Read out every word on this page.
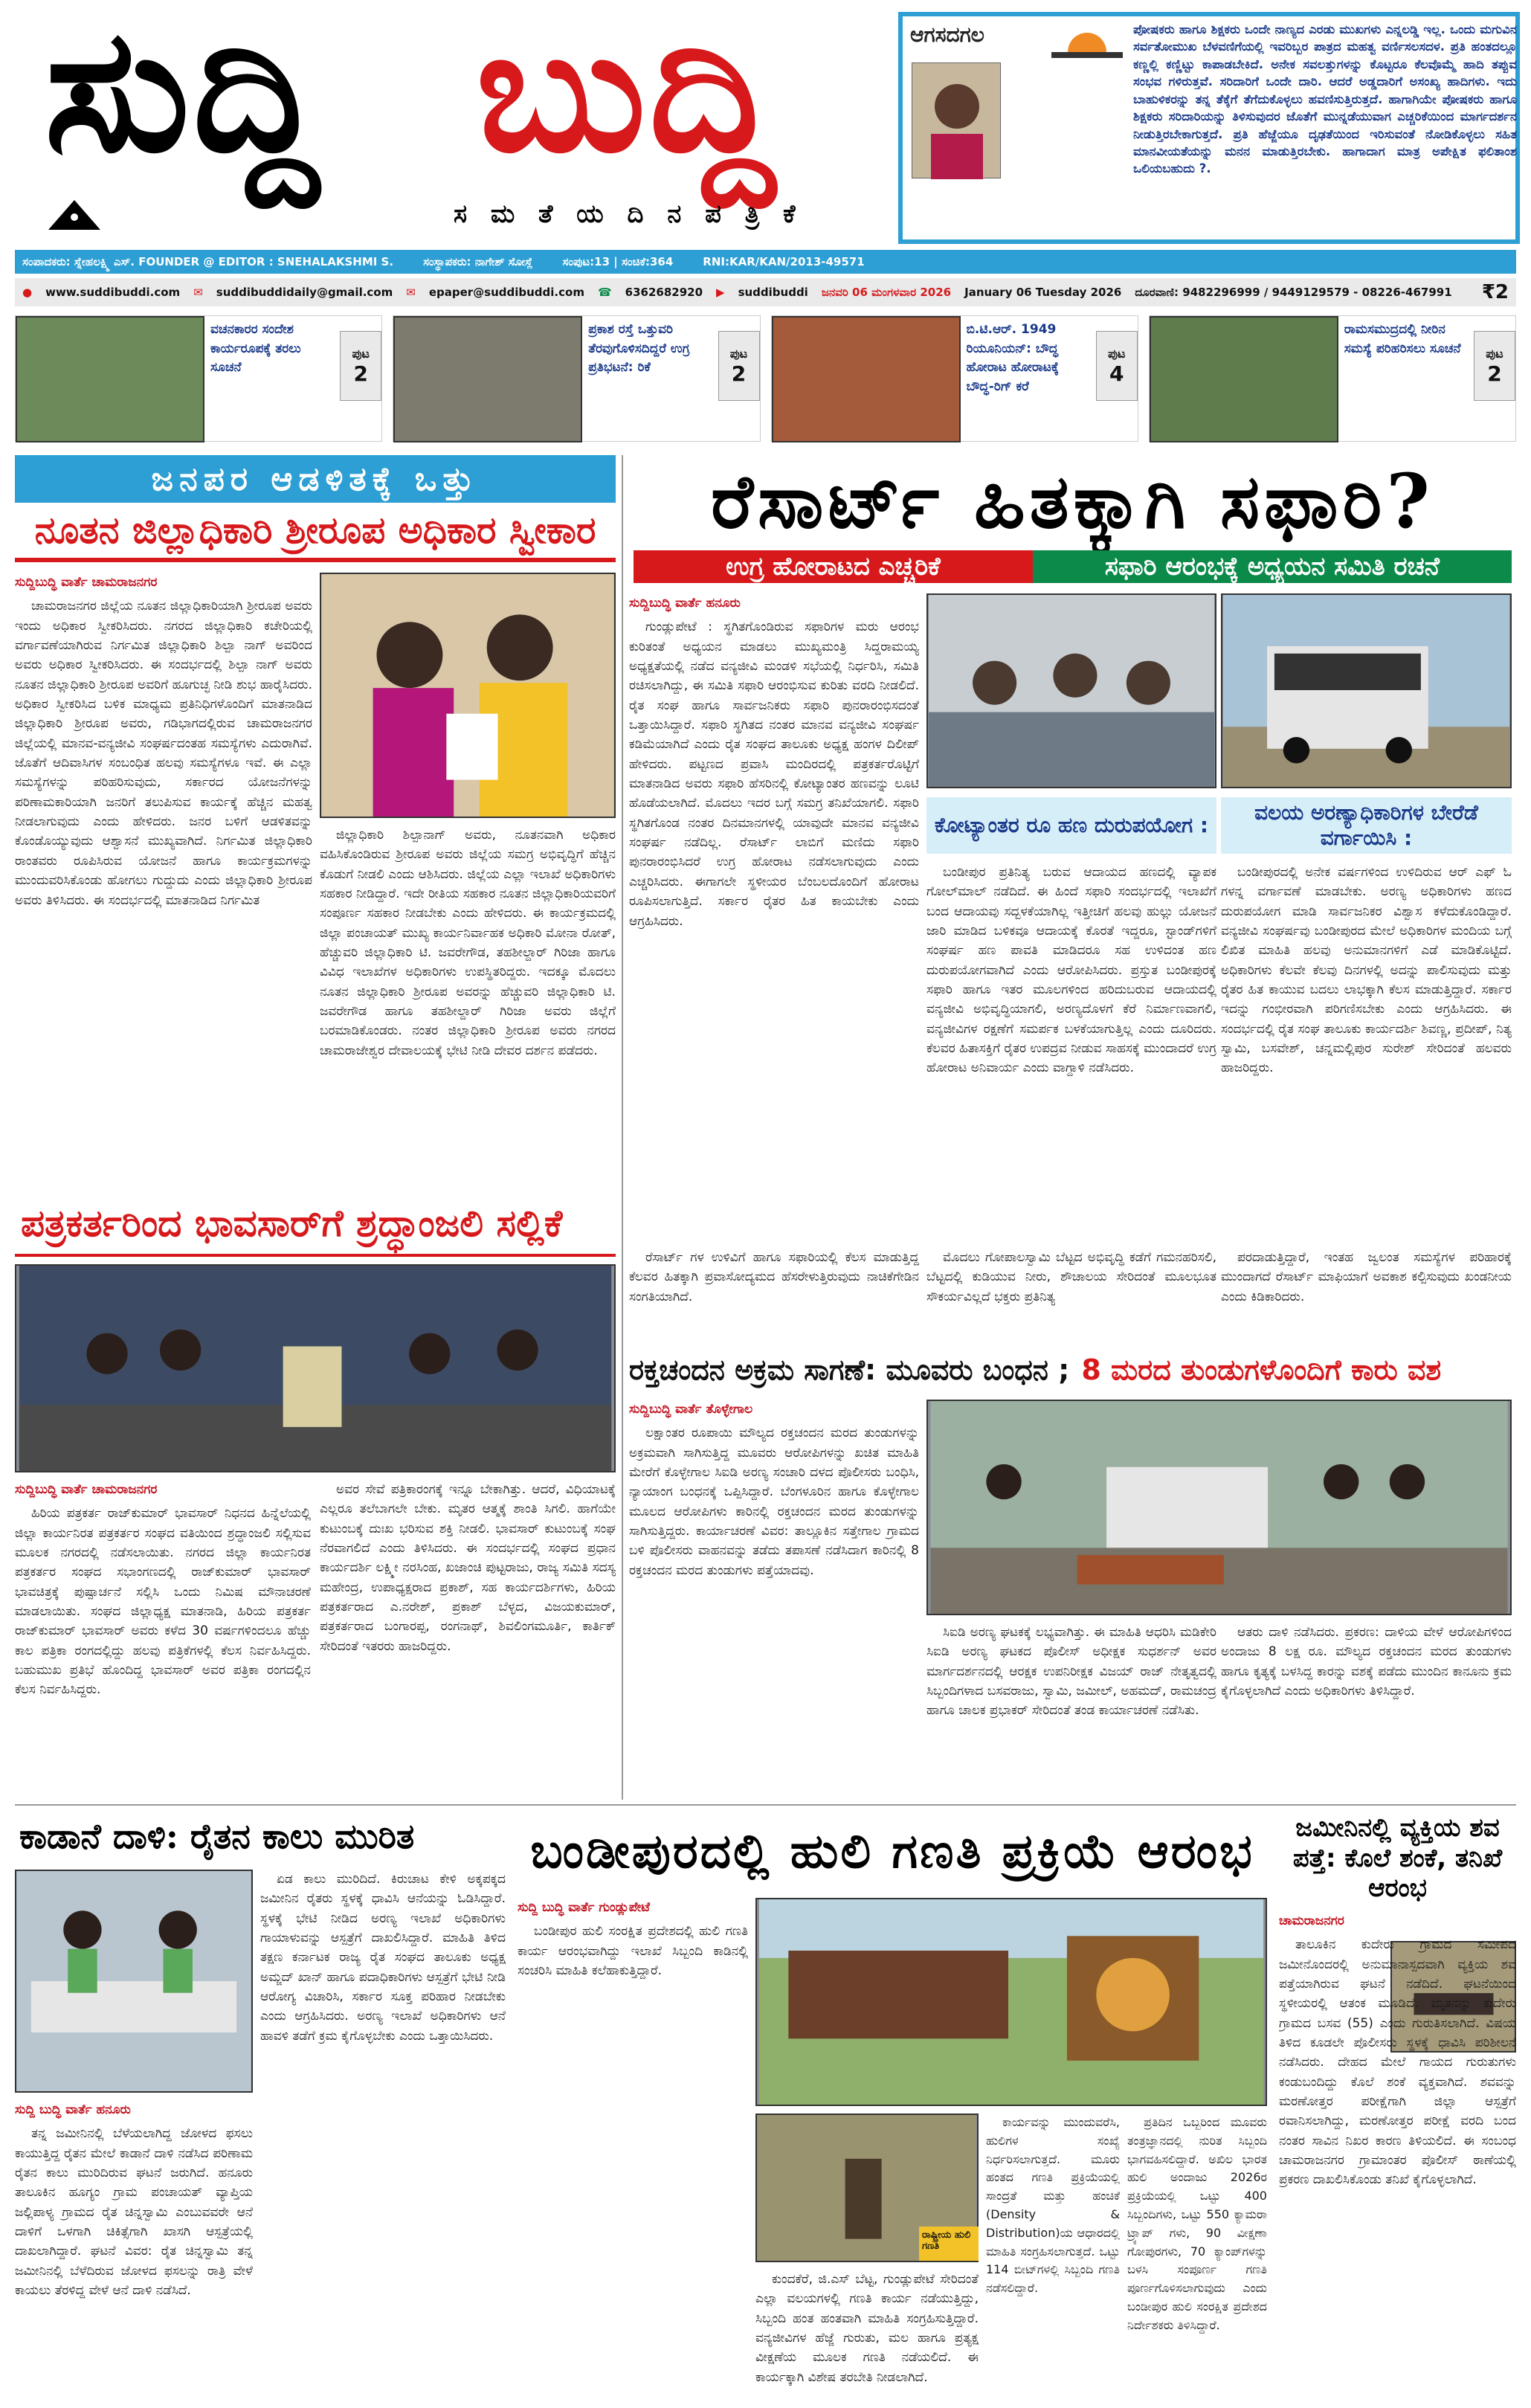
ಸುದ್ದಿ ಬುದ್ದಿ
ಸ ಮ ತೆ ಯ ದಿ ನ ಪ ತ್ರಿ ಕೆ
ಆಗಸದಗಲ	ಪೋಷಕರು ಹಾಗೂ ಶಿಕ್ಷಕರು ಒಂದೇ ನಾಣ್ಯದ ಎರಡು ಮುಖಗಳು ಎನ್ನಲಡ್ಡಿ ಇಲ್ಲ. ಒಂದು ಮಗುವಿನ ಸರ್ವತೋಮುಖ ಬೆಳವಣಿಗೆಯಲ್ಲಿ ಇವರಿಬ್ಬರ ಪಾತ್ರದ ಮಹತ್ವ ವರ್ಣಿಸಲಸದಳ. ಪ್ರತಿ ಹಂತದಲ್ಲೂ ಕಣ್ಣಲ್ಲಿ ಕಣ್ಣಿಟ್ಟು ಕಾಪಾಡಬೇಕಿದೆ. ಅನೇಕ ಸವಲತ್ತುಗಳನ್ನು ಕೊಟ್ಟರೂ ಕೆಲವೊಮ್ಮೆ ಹಾದಿ ತಪ್ಪುವ ಸಂಭವ ಗಳಿರುತ್ತವೆ. ಸರಿದಾರಿಗೆ ಒಂದೇ ದಾರಿ. ಆದರೆ ಅಡ್ಡದಾರಿಗೆ ಅಸಂಖ್ಯ ಹಾದಿಗಳು. ಇದು ಬಾಹುಳಿಕರನ್ನು ತನ್ನ ತೆಕ್ಕೆಗೆ ತೆಗೆದುಕೊಳ್ಳಲು ಹವಣಿಸುತ್ತಿರುತ್ತದೆ. ಹಾಗಾಗಿಯೇ ಪೋಷಕರು ಹಾಗೂ ಶಿಕ್ಷಕರು ಸರಿದಾರಿಯನ್ನು ತಿಳಿಸುವುದರ ಜೊತೆಗೆ ಮುನ್ನಡೆಯುವಾಗ ಎಚ್ಚರಿಕೆಯಿಂದ ಮಾರ್ಗದರ್ಶನ ನೀಡುತ್ತಿರಬೇಕಾಗುತ್ತದೆ. ಪ್ರತಿ ಹೆಜ್ಜೆಯೂ ದೃಢತೆಯಿಂದ ಇರಿಸುವಂತೆ ನೋಡಿಕೊಳ್ಳಲು ಸಹಿತ ಮಾನವೀಯತೆಯನ್ನು ಮನನ ಮಾಡುತ್ತಿರಬೇಕು. ಹಾಗಾದಾಗ ಮಾತ್ರ ಅಪೇಕ್ಷಿತ ಫಲಿತಾಂಶ ಒಲಿಯಬಹುದು ?.
ಸಂಪಾದಕರು: ಸ್ನೇಹಲಕ್ಷ್ಮಿ ಎಸ್. FOUNDER @ EDITOR : SNEHALAKSHMI S.	ಸಂಸ್ಥಾಪಕರು: ನಾಗೇಶ್ ಸೋಸ್ಲೆ	ಸಂಪುಟ:13 | ಸಂಚಿಕೆ:364	RNI:KAR/KAN/2013-49571
● www.suddibuddi.com ✉ suddibuddidaily@gmail.com ✉ epaper@suddibuddi.com ☎ 6362682920 ▶ suddibuddi ಜನವರಿ 06 ಮಂಗಳವಾರ 2026 January 06 Tuesday 2026 ದೂರವಾಣಿ: 9482296999 / 9449129579 - 08226-467991 ₹2
ವಚನಕಾರರ ಸಂದೇಶ ಕಾರ್ಯರೂಪಕ್ಕೆ ತರಲು ಸೂಚನೆ
ಪುಟ
2
ಪ್ರಕಾಶ ರಸ್ತೆ ಒತ್ತುವರಿ ತೆರವುಗೊಳಿಸದಿದ್ದರೆ ಉಗ್ರ ಪ್ರತಿಭಟನೆ: ರಿಕೆ
ಪುಟ
2
ಬಿ.ಟಿ.ಆರ್. 1949 ರಿಯೂನಿಯನ್: ಬೌದ್ಧ ಹೋರಾಟ ಹೋರಾಟಕ್ಕೆ ಬೌದ್ಧ-ರಿಗ್ ಕರೆ
ಪುಟ
4
ರಾಮಸಮುದ್ರದಲ್ಲಿ ನೀರಿನ ಸಮಸ್ಯೆ ಪರಿಹರಿಸಲು ಸೂಚನೆ	ಪುಟ
2
ಜನಪರ ಆಡಳಿತಕ್ಕೆ ಒತ್ತು
ನೂತನ ಜಿಲ್ಲಾಧಿಕಾರಿ ಶ್ರೀರೂಪ ಅಧಿಕಾರ ಸ್ವೀಕಾರ
ಸುದ್ದಿಬುದ್ಧಿ ವಾರ್ತೆ ಚಾಮರಾಜನಗರ

ಚಾಮರಾಜನಗರ ಜಿಲ್ಲೆಯ ನೂತನ ಜಿಲ್ಲಾಧಿಕಾರಿಯಾಗಿ ಶ್ರೀರೂಪ ಅವರು ಇಂದು ಅಧಿಕಾರ ಸ್ವೀಕರಿಸಿದರು. ನಗರದ ಜಿಲ್ಲಾಧಿಕಾರಿ ಕಚೇರಿಯಲ್ಲಿ ವರ್ಗಾವಣೆಯಾಗಿರುವ ನಿರ್ಗಮಿತ ಜಿಲ್ಲಾಧಿಕಾರಿ ಶಿಲ್ಪಾ ನಾಗ್ ಅವರಿಂದ ಅವರು ಅಧಿಕಾರ ಸ್ವೀಕರಿಸಿದರು. ಈ ಸಂದರ್ಭದಲ್ಲಿ ಶಿಲ್ಪಾ ನಾಗ್ ಅವರು ನೂತನ ಜಿಲ್ಲಾಧಿಕಾರಿ ಶ್ರೀರೂಪ ಅವರಿಗೆ ಹೂಗುಚ್ಛ ನೀಡಿ ಶುಭ ಹಾರೈಸಿದರು. ಅಧಿಕಾರ ಸ್ವೀಕರಿಸಿದ ಬಳಿಕ ಮಾಧ್ಯಮ ಪ್ರತಿನಿಧಿಗಳೊಂದಿಗೆ ಮಾತನಾಡಿದ ಜಿಲ್ಲಾಧಿಕಾರಿ ಶ್ರೀರೂಪ ಅವರು, ಗಡಿಭಾಗದಲ್ಲಿರುವ ಚಾಮರಾಜನಗರ ಜಿಲ್ಲೆಯಲ್ಲಿ ಮಾನವ-ವನ್ಯಜೀವಿ ಸಂಘರ್ಷದಂತಹ ಸಮಸ್ಯೆಗಳು ಎದುರಾಗಿವೆ. ಜೊತೆಗೆ ಆದಿವಾಸಿಗಳ ಸಂಬಂಧಿತ ಹಲವು ಸಮಸ್ಯೆಗಳೂ ಇವೆ. ಈ ಎಲ್ಲಾ ಸಮಸ್ಯೆಗಳನ್ನು ಪರಿಹರಿಸುವುದು, ಸರ್ಕಾರದ ಯೋಜನೆಗಳನ್ನು ಪರಿಣಾಮಕಾರಿಯಾಗಿ ಜನರಿಗೆ ತಲುಪಿಸುವ ಕಾರ್ಯಕ್ಕೆ ಹೆಚ್ಚಿನ ಮಹತ್ವ ನೀಡಲಾಗುವುದು ಎಂದು ಹೇಳಿದರು. ಜನರ ಬಳಿಗೆ ಆಡಳಿತವನ್ನು ಕೊಂಡೊಯ್ಯುವುದು ಆಶ್ವಾಸನೆ ಮುಖ್ಯವಾಗಿದೆ. ನಿರ್ಗಮಿತ ಜಿಲ್ಲಾಧಿಕಾರಿ ರಾಂತವರು ರೂಪಿಸಿರುವ ಯೋಜನೆ ಹಾಗೂ ಕಾರ್ಯಕ್ರಮಗಳನ್ನು ಮುಂದುವರಿಸಿಕೊಂಡು ಹೋಗಲು ಗುದ್ದುದು ಎಂದು ಜಿಲ್ಲಾಧಿಕಾರಿ ಶ್ರೀರೂಪ ಅವರು ತಿಳಿಸಿದರು. ಈ ಸಂದರ್ಭದಲ್ಲಿ ಮಾತನಾಡಿದ ನಿರ್ಗಮಿತ

ಜಿಲ್ಲಾಧಿಕಾರಿ ಶಿಲ್ಪಾನಾಗ್ ಅವರು, ನೂತನವಾಗಿ ಅಧಿಕಾರ ವಹಿಸಿಕೊಂಡಿರುವ ಶ್ರೀರೂಪ ಅವರು ಜಿಲ್ಲೆಯ ಸಮಗ್ರ ಅಭಿವೃದ್ಧಿಗೆ ಹೆಚ್ಚಿನ ಕೊಡುಗೆ ನೀಡಲಿ ಎಂದು ಆಶಿಸಿದರು. ಜಿಲ್ಲೆಯ ಎಲ್ಲಾ ಇಲಾಖೆ ಅಧಿಕಾರಿಗಳು ಸಹಕಾರ ನೀಡಿದ್ದಾರೆ. ಇದೇ ರೀತಿಯ ಸಹಕಾರ ನೂತನ ಜಿಲ್ಲಾಧಿಕಾರಿಯವರಿಗೆ ಸಂಪೂರ್ಣ ಸಹಕಾರ ನೀಡಬೇಕು ಎಂದು ಹೇಳಿದರು. ಈ ಕಾರ್ಯಕ್ರಮದಲ್ಲಿ ಜಿಲ್ಲಾ ಪಂಚಾಯತ್ ಮುಖ್ಯ ಕಾರ್ಯನಿರ್ವಾಹಕ ಅಧಿಕಾರಿ ಮೋನಾ ರೋತ್, ಹೆಚ್ಚುವರಿ ಜಿಲ್ಲಾಧಿಕಾರಿ ಟಿ. ಜವರೇಗೌಡ, ತಹಶೀಲ್ದಾರ್ ಗಿರಿಜಾ ಹಾಗೂ ವಿವಿಧ ಇಲಾಖೆಗಳ ಅಧಿಕಾರಿಗಳು ಉಪಸ್ಥಿತರಿದ್ದರು. ಇದಕ್ಕೂ ಮೊದಲು ನೂತನ ಜಿಲ್ಲಾಧಿಕಾರಿ ಶ್ರೀರೂಪ ಅವರನ್ನು ಹೆಚ್ಚುವರಿ ಜಿಲ್ಲಾಧಿಕಾರಿ ಟಿ. ಜವರೇಗೌಡ ಹಾಗೂ ತಹಶೀಲ್ದಾರ್ ಗಿರಿಜಾ ಅವರು ಜಿಲ್ಲೆಗೆ ಬರಮಾಡಿಕೊಂಡರು. ನಂತರ ಜಿಲ್ಲಾಧಿಕಾರಿ ಶ್ರೀರೂಪ ಅವರು ನಗರದ ಚಾಮರಾಜೇಶ್ವರ ದೇವಾಲಯಕ್ಕೆ ಭೇಟಿ ನೀಡಿ ದೇವರ ದರ್ಶನ ಪಡೆದರು.

ರೆಸಾರ್ಟ್ ಹಿತಕ್ಕಾಗಿ ಸಫಾರಿ?
ಉಗ್ರ ಹೋರಾಟದ ಎಚ್ಚರಿಕೆ	ಸಫಾರಿ ಆರಂಭಕ್ಕೆ ಅಧ್ಯಯನ ಸಮಿತಿ ರಚನೆ
ಸುದ್ದಿಬುದ್ಧಿ ವಾರ್ತೆ ಹನೂರು

ಗುಂಡ್ಲುಪೇಟೆ : ಸ್ಥಗಿತಗೊಂಡಿರುವ ಸಫಾರಿಗಳ ಮರು ಆರಂಭ ಕುರಿತಂತೆ ಅಧ್ಯಯನ ಮಾಡಲು ಮುಖ್ಯಮಂತ್ರಿ ಸಿದ್ದರಾಮಯ್ಯ ಅಧ್ಯಕ್ಷತೆಯಲ್ಲಿ ನಡೆದ ವನ್ಯಜೀವಿ ಮಂಡಳಿ ಸಭೆಯಲ್ಲಿ ನಿರ್ಧರಿಸಿ, ಸಮಿತಿ ರಚಿಸಲಾಗಿದ್ದು, ಈ ಸಮಿತಿ ಸಫಾರಿ ಆರಂಭಿಸುವ ಕುರಿತು ವರದಿ ನೀಡಲಿದೆ. ರೈತ ಸಂಘ ಹಾಗೂ ಸಾರ್ವಜನಿಕರು ಸಫಾರಿ ಪುನರಾರಂಭಿಸದಂತೆ ಒತ್ತಾಯಿಸಿದ್ದಾರೆ. ಸಫಾರಿ ಸ್ಥಗಿತದ ನಂತರ ಮಾನವ ವನ್ಯಜೀವಿ ಸಂಘರ್ಷ ಕಡಿಮೆಯಾಗಿದೆ ಎಂದು ರೈತ ಸಂಘದ ತಾಲೂಕು ಅಧ್ಯಕ್ಷ ಹಂಗಳ ದಿಲೀಪ್ ಹೇಳಿದರು. ಪಟ್ಟಣದ ಪ್ರವಾಸಿ ಮಂದಿರದಲ್ಲಿ ಪತ್ರಕರ್ತರೊಟ್ಟಿಗೆ ಮಾತನಾಡಿದ ಅವರು ಸಫಾರಿ ಹೆಸರಿನಲ್ಲಿ ಕೋಟ್ಯಾಂತರ ಹಣವನ್ನು ಲೂಟಿ ಹೊಡೆಯಲಾಗಿದೆ. ಮೊದಲು ಇದರ ಬಗ್ಗೆ ಸಮಗ್ರ ತನಿಖೆಯಾಗಲಿ. ಸಫಾರಿ ಸ್ಥಗಿತಗೊಂಡ ನಂತರ ದಿನಮಾನಗಳಲ್ಲಿ ಯಾವುದೇ ಮಾನವ ವನ್ಯಜೀವಿ ಸಂಘರ್ಷ ನಡೆದಿಲ್ಲ. ರೆಸಾರ್ಟ್ ಲಾಬಿಗೆ ಮಣಿದು ಸಫಾರಿ ಪುನರಾರಂಭಿಸಿದರೆ ಉಗ್ರ ಹೋರಾಟ ನಡೆಸಲಾಗುವುದು ಎಂದು ಎಚ್ಚರಿಸಿದರು. ಈಗಾಗಲೇ ಸ್ಥಳೀಯರ ಬೆಂಬಲದೊಂದಿಗೆ ಹೋರಾಟ ರೂಪಿಸಲಾಗುತ್ತಿದೆ. ಸರ್ಕಾರ ರೈತರ ಹಿತ ಕಾಯಬೇಕು ಎಂದು ಆಗ್ರಹಿಸಿದರು.

ಕೋಟ್ಯಾಂತರ ರೂ ಹಣ ದುರುಪಯೋಗ :
ವಲಯ ಅರಣ್ಯಾಧಿಕಾರಿಗಳ ಬೇರೆಡೆ ವರ್ಗಾಯಿಸಿ :

ಬಂಡೀಪುರ ಪ್ರತಿನಿತ್ಯ ಬರುವ ಆದಾಯದ ಹಣದಲ್ಲಿ ವ್ಯಾಪಕ ಗೋಲ್‌ಮಾಲ್ ನಡೆದಿದೆ. ಈ ಹಿಂದೆ ಸಫಾರಿ ಸಂದರ್ಭದಲ್ಲಿ ಇಲಾಖೆಗೆ ಬಂದ ಆದಾಯವು ಸದ್ಬಳಕೆಯಾಗಿಲ್ಲ ಇತ್ತೀಚಿಗೆ ಹಲವು ಹುಲ್ಲು ಯೋಜನೆ ಜಾರಿ ಮಾಡಿದ ಬಳಿಕವೂ ಆದಾಯಕ್ಕೆ ಕೊರತೆ ಇದ್ದರೂ, ಸ್ಟಾಂಡ್‌ಗಳಿಗೆ ಸಂಘರ್ಷ ಹಣ ಪಾವತಿ ಮಾಡಿದರೂ ಸಹ ಉಳಿದಂತ ಹಣ ದುರುಪಯೋಗವಾಗಿದೆ ಎಂದು ಆರೋಪಿಸಿದರು. ಪ್ರಸ್ತುತ ಬಂಡೀಪುರಕ್ಕೆ ಸಫಾರಿ ಹಾಗೂ ಇತರ ಮೂಲಗಳಿಂದ ಹರಿದುಬರುವ ಆದಾಯದಲ್ಲಿ ವನ್ಯಜೀವಿ ಅಭಿವೃದ್ಧಿಯಾಗಲಿ, ಅರಣ್ಯದೊಳಗೆ ಕೆರೆ ನಿರ್ಮಾಣವಾಗಲಿ, ವನ್ಯಜೀವಿಗಳ ರಕ್ಷಣೆಗೆ ಸಮರ್ಪಕ ಬಳಕೆಯಾಗುತ್ತಿಲ್ಲ ಎಂದು ದೂರಿದರು. ಕೆಲವರ ಹಿತಾಸಕ್ತಿಗೆ ರೈತರ ಉಪದ್ರವ ನೀಡುವ ಸಾಹಸಕ್ಕೆ ಮುಂದಾದರೆ ಉಗ್ರ ಹೋರಾಟ ಅನಿವಾರ್ಯ ಎಂದು ವಾಗ್ದಾಳಿ ನಡೆಸಿದರು.

ಬಂಡೀಪುರದಲ್ಲಿ ಅನೇಕ ವರ್ಷಗಳಿಂದ ಉಳಿದಿರುವ ಆರ್‌ ಎಫ್ ಓ ಗಳನ್ನ ವರ್ಗಾವಣೆ ಮಾಡಬೇಕು. ಅರಣ್ಯ ಅಧಿಕಾರಿಗಳು ಹಣದ ದುರುಪಯೋಗ ಮಾಡಿ ಸಾರ್ವಜನಿಕರ ವಿಶ್ವಾಸ ಕಳೆದುಕೊಂಡಿದ್ದಾರೆ. ವನ್ಯಜೀವಿ ಸಂಘರ್ಷವು ಬಂಡೀಪುರದ ಮೇಲೆ ಅಧಿಕಾರಿಗಳ ಮಂದಿಯ ಬಗ್ಗೆ ಲಿಖಿತ ಮಾಹಿತಿ ಹಲವು ಅನುಮಾನಗಳಿಗೆ ಎಡೆ ಮಾಡಿಕೊಟ್ಟಿದೆ. ಅಧಿಕಾರಿಗಳು ಕೆಲವೇ ಕೆಲವು ದಿನಗಳಲ್ಲಿ ಅದನ್ನು ಪಾಲಿಸುವುದು ಮತ್ತು ರೈತರ ಹಿತ ಕಾಯುವ ಬದಲು ಲಾಭಕ್ಕಾಗಿ ಕೆಲಸ ಮಾಡುತ್ತಿದ್ದಾರೆ. ಸರ್ಕಾರ ಇದನ್ನು ಗಂಭೀರವಾಗಿ ಪರಿಗಣಿಸಬೇಕು ಎಂದು ಆಗ್ರಹಿಸಿದರು. ಈ ಸಂದರ್ಭದಲ್ಲಿ ರೈತ ಸಂಘ ತಾಲೂಕು ಕಾರ್ಯದರ್ಶಿ ಶಿವಣ್ಣ, ಪ್ರದೀಪ್, ನಿತ್ಯ ಸ್ವಾಮಿ, ಬಸವೇಶ್, ಚನ್ನಮಲ್ಲಿಪುರ ಸುರೇಶ್ ಸೇರಿದಂತೆ ಹಲವರು ಹಾಜರಿದ್ದರು.

ರೆಸಾರ್ಟ್ ಗಳ ಉಳಿವಿಗೆ ಹಾಗೂ ಸಫಾರಿಯಲ್ಲಿ ಕೆಲಸ ಮಾಡುತ್ತಿದ್ದ ಕೆಲವರ ಹಿತಕ್ಕಾಗಿ ಪ್ರವಾಸೋದ್ಯಮದ ಹೆಸರೇಳುತ್ತಿರುವುದು ನಾಚಿಕೆಗೇಡಿನ ಸಂಗತಿಯಾಗಿದೆ.

ಮೊದಲು ಗೋಪಾಲಸ್ವಾಮಿ ಬೆಟ್ಟದ ಅಭಿವೃದ್ಧಿ ಕಡೆಗೆ ಗಮನಹರಿಸಲಿ, ಬೆಟ್ಟದಲ್ಲಿ ಕುಡಿಯುವ ನೀರು, ಶೌಚಾಲಯ ಸೇರಿದಂತೆ ಮೂಲಭೂತ ಸೌಕರ್ಯವಿಲ್ಲದೆ ಭಕ್ತರು ಪ್ರತಿನಿತ್ಯ

ಪರದಾಡುತ್ತಿದ್ದಾರೆ, ಇಂತಹ ಜ್ವಲಂತ ಸಮಸ್ಯೆಗಳ ಪರಿಹಾರಕ್ಕೆ ಮುಂದಾಗದೆ ರೆಸಾರ್ಟ್ ಮಾಫಿಯಾಗೆ ಅವಕಾಶ ಕಲ್ಪಿಸುವುದು ಖಂಡನೀಯ ಎಂದು ಕಿಡಿಕಾರಿದರು.

ಪತ್ರಕರ್ತರಿಂದ ಭಾವಸಾರ್‌ಗೆ ಶ್ರದ್ಧಾಂಜಲಿ ಸಲ್ಲಿಕೆ
ಸುದ್ದಿಬುದ್ಧಿ ವಾರ್ತೆ ಚಾಮರಾಜನಗರ

ಹಿರಿಯ ಪತ್ರಕರ್ತ ರಾಜ್‌ಕುಮಾರ್ ಭಾವಸಾರ್ ನಿಧನದ ಹಿನ್ನೆಲೆಯಲ್ಲಿ ಜಿಲ್ಲಾ ಕಾರ್ಯನಿರತ ಪತ್ರಕರ್ತರ ಸಂಘದ ವತಿಯಿಂದ ಶ್ರದ್ಧಾಂಜಲಿ ಸಲ್ಲಿಸುವ ಮೂಲಕ ನಗರದಲ್ಲಿ ನಡೆಸಲಾಯಿತು. ನಗರದ ಜಿಲ್ಲಾ ಕಾರ್ಯನಿರತ ಪತ್ರಕರ್ತರ ಸಂಘದ ಸಭಾಂಗಣದಲ್ಲಿ ರಾಜ್‌ಕುಮಾರ್ ಭಾವಸಾರ್ ಭಾವಚಿತ್ರಕ್ಕೆ ಪುಷ್ಪಾರ್ಚನೆ ಸಲ್ಲಿಸಿ ಒಂದು ನಿಮಿಷ ಮೌನಾಚರಣೆ ಮಾಡಲಾಯಿತು. ಸಂಘದ ಜಿಲ್ಲಾಧ್ಯಕ್ಷ ಮಾತನಾಡಿ, ಹಿರಿಯ ಪತ್ರಕರ್ತ ರಾಜ್‌ಕುಮಾರ್ ಭಾವಸಾರ್ ಅವರು ಕಳೆದ 30 ವರ್ಷಗಳಿಂದಲೂ ಹೆಚ್ಚು ಕಾಲ ಪತ್ರಿಕಾ ರಂಗದಲ್ಲಿದ್ದು ಹಲವು ಪತ್ರಿಕೆಗಳಲ್ಲಿ ಕೆಲಸ ನಿರ್ವಹಿಸಿದ್ದರು. ಬಹುಮುಖ ಪ್ರತಿಭೆ ಹೊಂದಿದ್ದ ಭಾವಸಾರ್ ಅವರ ಪತ್ರಿಕಾ ರಂಗದಲ್ಲಿನ ಕೆಲಸ ನಿರ್ವಹಿಸಿದ್ದರು.

ಅವರ ಸೇವೆ ಪತ್ರಿಕಾರಂಗಕ್ಕೆ ಇನ್ನೂ ಬೇಕಾಗಿತ್ತು. ಆದರೆ, ವಿಧಿಯಾಟಕ್ಕೆ ಎಲ್ಲರೂ ತಲೆಬಾಗಲೇ ಬೇಕು. ಮೃತರ ಆತ್ಮಕ್ಕೆ ಶಾಂತಿ ಸಿಗಲಿ. ಹಾಗೆಯೇ ಕುಟುಂಬಕ್ಕೆ ದುಃಖ ಭರಿಸುವ ಶಕ್ತಿ ನೀಡಲಿ. ಭಾವಸಾರ್ ಕುಟುಂಬಕ್ಕೆ ಸಂಘ ನೆರವಾಗಲಿದೆ ಎಂದು ತಿಳಿಸಿದರು. ಈ ಸಂದರ್ಭದಲ್ಲಿ ಸಂಘದ ಪ್ರಧಾನ ಕಾರ್ಯದರ್ಶಿ ಲಕ್ಷ್ಮೀ ನರಸಿಂಹ, ಖಜಾಂಚಿ ಪುಟ್ಟರಾಜು, ರಾಜ್ಯ ಸಮಿತಿ ಸದಸ್ಯ ಮಹೇಂದ್ರ, ಉಪಾಧ್ಯಕ್ಷರಾದ ಪ್ರಕಾಶ್, ಸಹ ಕಾರ್ಯದರ್ಶಿಗಳು, ಹಿರಿಯ ಪತ್ರಕರ್ತರಾದ ಎ.ನರೇಶ್, ಪ್ರಕಾಶ್ ಬೆಳ್ಳದ, ವಿಜಯಕುಮಾರ್, ಪತ್ರಕರ್ತರಾದ ಬಂಗಾರಪ್ಪ, ರಂಗನಾಥ್, ಶಿವಲಿಂಗಮೂರ್ತಿ, ಕಾರ್ತಿಕ್ ಸೇರಿದಂತೆ ಇತರರು ಹಾಜರಿದ್ದರು.

ರಕ್ತಚಂದನ ಅಕ್ರಮ ಸಾಗಣೆ: ಮೂವರು ಬಂಧನ ; 8 ಮರದ ತುಂಡುಗಳೊಂದಿಗೆ ಕಾರು ವಶ
ಸುದ್ದಿಬುದ್ಧಿ ವಾರ್ತೆ ತೊಳ್ಳೇಗಾಲ

ಲಕ್ಷಾಂತರ ರೂಪಾಯಿ ಮೌಲ್ಯದ ರಕ್ತಚಂದನ ಮರದ ತುಂಡುಗಳನ್ನು ಅಕ್ರಮವಾಗಿ ಸಾಗಿಸುತ್ತಿದ್ದ ಮೂವರು ಆರೋಪಿಗಳನ್ನು ಖಚಿತ ಮಾಹಿತಿ ಮೇರೆಗೆ ಕೊಳ್ಳೇಗಾಲ ಸಿಐಡಿ ಅರಣ್ಯ ಸಂಚಾರಿ ದಳದ ಪೊಲೀಸರು ಬಂಧಿಸಿ, ನ್ಯಾಯಾಂಗ ಬಂಧನಕ್ಕೆ ಒಪ್ಪಿಸಿದ್ದಾರೆ. ಬೆಂಗಳೂರಿನ ಹಾಗೂ ಕೊಳ್ಳೇಗಾಲ ಮೂಲದ ಆರೋಪಿಗಳು ಕಾರಿನಲ್ಲಿ ರಕ್ತಚಂದನ ಮರದ ತುಂಡುಗಳನ್ನು ಸಾಗಿಸುತ್ತಿದ್ದರು. ಕಾರ್ಯಾಚರಣೆ ವಿವರ: ತಾಲ್ಲೂಕಿನ ಸತ್ತೇಗಾಲ ಗ್ರಾಮದ ಬಳಿ ಪೊಲೀಸರು ವಾಹನವನ್ನು ತಡೆದು ತಪಾಸಣೆ ನಡೆಸಿದಾಗ ಕಾರಿನಲ್ಲಿ 8 ರಕ್ತಚಂದನ ಮರದ ತುಂಡುಗಳು ಪತ್ತೆಯಾದವು.

ಸಿಐಡಿ ಅರಣ್ಯ ಘಟಕಕ್ಕೆ ಲಭ್ಯವಾಗಿತ್ತು. ಈ ಮಾಹಿತಿ ಆಧರಿಸಿ ಮಡಿಕೇರಿ ಸಿಐಡಿ ಅರಣ್ಯ ಘಟಕದ ಪೊಲೀಸ್ ಅಧೀಕ್ಷಕ ಸುಧರ್ಶನ್ ಅವರ ಮಾರ್ಗದರ್ಶನದಲ್ಲಿ ಆರಕ್ಷಕ ಉಪನಿರೀಕ್ಷಕ ವಿಜಯ್ ರಾಜ್ ನೇತೃತ್ವದಲ್ಲಿ ಸಿಬ್ಬಂದಿಗಳಾದ ಬಸವರಾಜು, ಸ್ವಾಮಿ, ಜಮೀಲ್, ಅಹಮದ್, ರಾಮಚಂದ್ರ ಹಾಗೂ ಚಾಲಕ ಪ್ರಭಾಕರ್ ಸೇರಿದಂತೆ ತಂಡ ಕಾರ್ಯಾಚರಣೆ ನಡೆಸಿತು.

ಆತರು ದಾಳಿ ನಡೆಸಿದರು. ಪ್ರಕರಣ: ದಾಳಿಯ ವೇಳೆ ಆರೋಪಿಗಳಿಂದ ಅಂದಾಜು 8 ಲಕ್ಷ ರೂ. ಮೌಲ್ಯದ ರಕ್ತಚಂದನ ಮರದ ತುಂಡುಗಳು ಹಾಗೂ ಕೃತ್ಯಕ್ಕೆ ಬಳಸಿದ್ದ ಕಾರನ್ನು ವಶಕ್ಕೆ ಪಡೆದು ಮುಂದಿನ ಕಾನೂನು ಕ್ರಮ ಕೈಗೊಳ್ಳಲಾಗಿದೆ ಎಂದು ಅಧಿಕಾರಿಗಳು ತಿಳಿಸಿದ್ದಾರೆ.

ಕಾಡಾನೆ ದಾಳಿ: ರೈತನ ಕಾಲು ಮುರಿತ
ಸುದ್ದಿ ಬುದ್ಧಿ ವಾರ್ತೆ ಹನೂರು

ತನ್ನ ಜಮೀನಿನಲ್ಲಿ ಬೆಳೆಯಲಾಗಿದ್ದ ಜೋಳದ ಫಸಲು ಕಾಯುತ್ತಿದ್ದ ರೈತನ ಮೇಲೆ ಕಾಡಾನೆ ದಾಳಿ ನಡೆಸಿದ ಪರಿಣಾಮ ರೈತನ ಕಾಲು ಮುರಿದಿರುವ ಘಟನೆ ಜರುಗಿದೆ. ಹನೂರು ತಾಲೂಕಿನ ಹೂಗ್ಯಂ ಗ್ರಾಮ ಪಂಚಾಯತ್ ವ್ಯಾಪ್ತಿಯ ಜಲ್ಲಿಪಾಳ್ಯ ಗ್ರಾಮದ ರೈತ ಚಿನ್ನಸ್ವಾಮಿ ಎಂಬುವವರೇ ಆನೆ ದಾಳಿಗೆ ಒಳಗಾಗಿ ಚಿಕಿತ್ಸೆಗಾಗಿ ಖಾಸಗಿ ಆಸ್ಪತ್ರೆಯಲ್ಲಿ ದಾಖಲಾಗಿದ್ದಾರೆ. ಘಟನೆ ವಿವರ: ರೈತ ಚಿನ್ನಸ್ವಾಮಿ ತನ್ನ ಜಮೀನಿನಲ್ಲಿ ಬೆಳೆದಿರುವ ಜೋಳದ ಫಸಲನ್ನು ರಾತ್ರಿ ವೇಳೆ ಕಾಯಲು ತೆರಳಿದ್ದ ವೇಳೆ ಆನೆ ದಾಳಿ ನಡೆಸಿದೆ.

ಏಡ ಕಾಲು ಮುರಿದಿದೆ. ಕಿರುಚಾಟ ಕೇಳಿ ಅಕ್ಕಪಕ್ಕದ ಜಮೀನಿನ ರೈತರು ಸ್ಥಳಕ್ಕೆ ಧಾವಿಸಿ ಆನೆಯನ್ನು ಓಡಿಸಿದ್ದಾರೆ. ಸ್ಥಳಕ್ಕೆ ಭೇಟಿ ನೀಡಿದ ಅರಣ್ಯ ಇಲಾಖೆ ಅಧಿಕಾರಿಗಳು ಗಾಯಾಳುವನ್ನು ಆಸ್ಪತ್ರೆಗೆ ದಾಖಲಿಸಿದ್ದಾರೆ. ಮಾಹಿತಿ ತಿಳಿದ ತಕ್ಷಣ ಕರ್ನಾಟಕ ರಾಜ್ಯ ರೈತ ಸಂಘದ ತಾಲೂಕು ಅಧ್ಯಕ್ಷ ಅಮ್ಜದ್ ಖಾನ್ ಹಾಗೂ ಪದಾಧಿಕಾರಿಗಳು ಆಸ್ಪತ್ರೆಗೆ ಭೇಟಿ ನೀಡಿ ಆರೋಗ್ಯ ವಿಚಾರಿಸಿ, ಸರ್ಕಾರ ಸೂಕ್ತ ಪರಿಹಾರ ನೀಡಬೇಕು ಎಂದು ಆಗ್ರಹಿಸಿದರು. ಅರಣ್ಯ ಇಲಾಖೆ ಅಧಿಕಾರಿಗಳು ಆನೆ ಹಾವಳಿ ತಡೆಗೆ ಕ್ರಮ ಕೈಗೊಳ್ಳಬೇಕು ಎಂದು ಒತ್ತಾಯಿಸಿದರು.

ಬಂಡೀಪುರದಲ್ಲಿ ಹುಲಿ ಗಣತಿ ಪ್ರಕ್ರಿಯೆ ಆರಂಭ
ಸುದ್ದಿ ಬುದ್ಧಿ ವಾರ್ತೆ ಗುಂಡ್ಲುಪೇಟೆ

ಬಂಡೀಪುರ ಹುಲಿ ಸಂರಕ್ಷಿತ ಪ್ರದೇಶದಲ್ಲಿ ಹುಲಿ ಗಣತಿ ಕಾರ್ಯ ಆರಂಭವಾಗಿದ್ದು ಇಲಾಖೆ ಸಿಬ್ಬಂದಿ ಕಾಡಿನಲ್ಲಿ ಸಂಚರಿಸಿ ಮಾಹಿತಿ ಕಲೆಹಾಕುತ್ತಿದ್ದಾರೆ.

ರಾಷ್ಟ್ರೀಯ ಹುಲಿ ಗಣತಿ

ಕುಂದಕೆರೆ, ಜಿ.ಎಸ್ ಬೆಟ್ಟ, ಗುಂಡ್ಲುಪೇಟೆ ಸೇರಿದಂತೆ ಎಲ್ಲಾ ವಲಯಗಳಲ್ಲಿ ಗಣತಿ ಕಾರ್ಯ ನಡೆಯುತ್ತಿದ್ದು, ಸಿಬ್ಬಂದಿ ಹಂತ ಹಂತವಾಗಿ ಮಾಹಿತಿ ಸಂಗ್ರಹಿಸುತ್ತಿದ್ದಾರೆ. ವನ್ಯಜೀವಿಗಳ ಹೆಜ್ಜೆ ಗುರುತು, ಮಲ ಹಾಗೂ ಪ್ರತ್ಯಕ್ಷ ವೀಕ್ಷಣೆಯ ಮೂಲಕ ಗಣತಿ ನಡೆಯಲಿದೆ. ಈ ಕಾರ್ಯಕ್ಕಾಗಿ ವಿಶೇಷ ತರಬೇತಿ ನೀಡಲಾಗಿದೆ.

ಕಾರ್ಯವನ್ನು ಮುಂದುವರೆಸಿ, ಹುಲಿಗಳ ಸಂಖ್ಯೆ ನಿರ್ಧರಿಸಲಾಗುತ್ತದೆ. ಮೂರು ಹಂತದ ಗಣತಿ ಪ್ರಕ್ರಿಯೆಯಲ್ಲಿ ಸಾಂದ್ರತೆ ಮತ್ತು ಹಂಚಿಕೆ (Density & Distribution)ಯ ಆಧಾರದಲ್ಲಿ ಮಾಹಿತಿ ಸಂಗ್ರಹಿಸಲಾಗುತ್ತದೆ. ಒಟ್ಟು 114 ಬೀಟ್‌ಗಳಲ್ಲಿ ಸಿಬ್ಬಂದಿ ಗಣತಿ ನಡೆಸಲಿದ್ದಾರೆ.

ಪ್ರತಿದಿನ ಒಬ್ಬರಿಂದ ಮೂವರು ತಂತ್ರಜ್ಞಾನದಲ್ಲಿ ನುರಿತ ಸಿಬ್ಬಂದಿ ಭಾಗವಹಿಸಲಿದ್ದಾರೆ. ಅಖಿಲ ಭಾರತ ಹುಲಿ ಅಂದಾಜು 2026ರ ಪ್ರಕ್ರಿಯೆಯಲ್ಲಿ ಒಟ್ಟು 400 ಸಿಬ್ಬಂದಿಗಳು, ಒಟ್ಟು 550 ಕ್ಯಾಮರಾ ಟ್ರ್ಯಾಪ್ ಗಳು, 90 ವೀಕ್ಷಣಾ ಗೋಪುರಗಳು, 70 ಕ್ಯಾಂಪ್‌ಗಳನ್ನು ಬಳಸಿ ಸಂಪೂರ್ಣ ಗಣತಿ ಪೂರ್ಣಗೊಳಿಸಲಾಗುವುದು ಎಂದು ಬಂಡೀಪುರ ಹುಲಿ ಸಂರಕ್ಷಿತ ಪ್ರದೇಶದ ನಿರ್ದೇಶಕರು ತಿಳಿಸಿದ್ದಾರೆ.

ಜಮೀನಿನಲ್ಲಿ ವ್ಯಕ್ತಿಯ ಶವ ಪತ್ತೆ: ಕೊಲೆ ಶಂಕೆ, ತನಿಖೆ ಆರಂಭ
ಚಾಮರಾಜನಗರ

ತಾಲೂಕಿನ ಕುದೇರು ಗ್ರಾಮದ ಸಮೀಪದ ಜಮೀನೊಂದರಲ್ಲಿ ಅನುಮಾನಾಸ್ಪದವಾಗಿ ವ್ಯಕ್ತಿಯ ಶವ ಪತ್ತೆಯಾಗಿರುವ ಘಟನೆ ನಡೆದಿದೆ. ಘಟನೆಯಿಂದ ಸ್ಥಳೀಯರಲ್ಲಿ ಆತಂಕ ಮೂಡಿದೆ. ಮೃತನನ್ನು ಕುದೇರು ಗ್ರಾಮದ ಬಸವ (55) ಎಂದು ಗುರುತಿಸಲಾಗಿದೆ. ವಿಷಯ ತಿಳಿದ ಕೂಡಲೇ ಪೊಲೀಸರು ಸ್ಥಳಕ್ಕೆ ಧಾವಿಸಿ ಪರಿಶೀಲನೆ ನಡೆಸಿದರು. ದೇಹದ ಮೇಲೆ ಗಾಯದ ಗುರುತುಗಳು ಕಂಡುಬಂದಿದ್ದು ಕೊಲೆ ಶಂಕೆ ವ್ಯಕ್ತವಾಗಿದೆ. ಶವವನ್ನು ಮರಣೋತ್ತರ ಪರೀಕ್ಷೆಗಾಗಿ ಜಿಲ್ಲಾ ಆಸ್ಪತ್ರೆಗೆ ರವಾನಿಸಲಾಗಿದ್ದು, ಮರಣೋತ್ತರ ಪರೀಕ್ಷೆ ವರದಿ ಬಂದ ನಂತರ ಸಾವಿನ ನಿಖರ ಕಾರಣ ತಿಳಿಯಲಿದೆ. ಈ ಸಂಬಂಧ ಚಾಮರಾಜನಗರ ಗ್ರಾಮಾಂತರ ಪೊಲೀಸ್ ಠಾಣೆಯಲ್ಲಿ ಪ್ರಕರಣ ದಾಖಲಿಸಿಕೊಂಡು ತನಿಖೆ ಕೈಗೊಳ್ಳಲಾಗಿದೆ.
